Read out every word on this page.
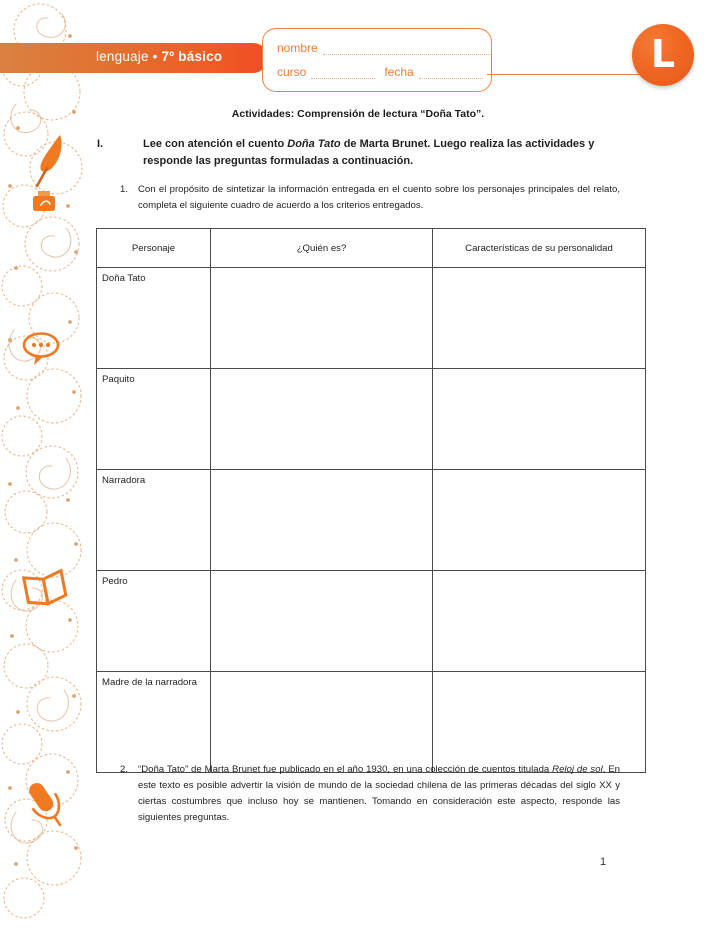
lenguaje • 7º básico
nombre
curso	fecha	L
Actividades: Comprensión de lectura “Doña Tato”.
I.	Lee con atención el cuento Doña Tato de Marta Brunet. Luego realiza las actividades y responde las preguntas formuladas a continuación.
1.	Con el propósito de sintetizar la información entregada en el cuento sobre los personajes principales del relato, completa el siguiente cuadro de acuerdo a los criterios entregados.
Personaje	¿Quién es?	Características de su personalidad
Doña Tato		
Paquito		
Narradora		
Pedro		
Madre de la narradora		
2.	“Doña Tato” de Marta Brunet fue publicado en el año 1930, en una colección de cuentos titulada Reloj de sol. En este texto es posible advertir la visión de mundo de la sociedad chilena de las primeras décadas del siglo XX y ciertas costumbres que incluso hoy se mantienen. Tomando en consideración este aspecto, responde las siguientes preguntas.
1
